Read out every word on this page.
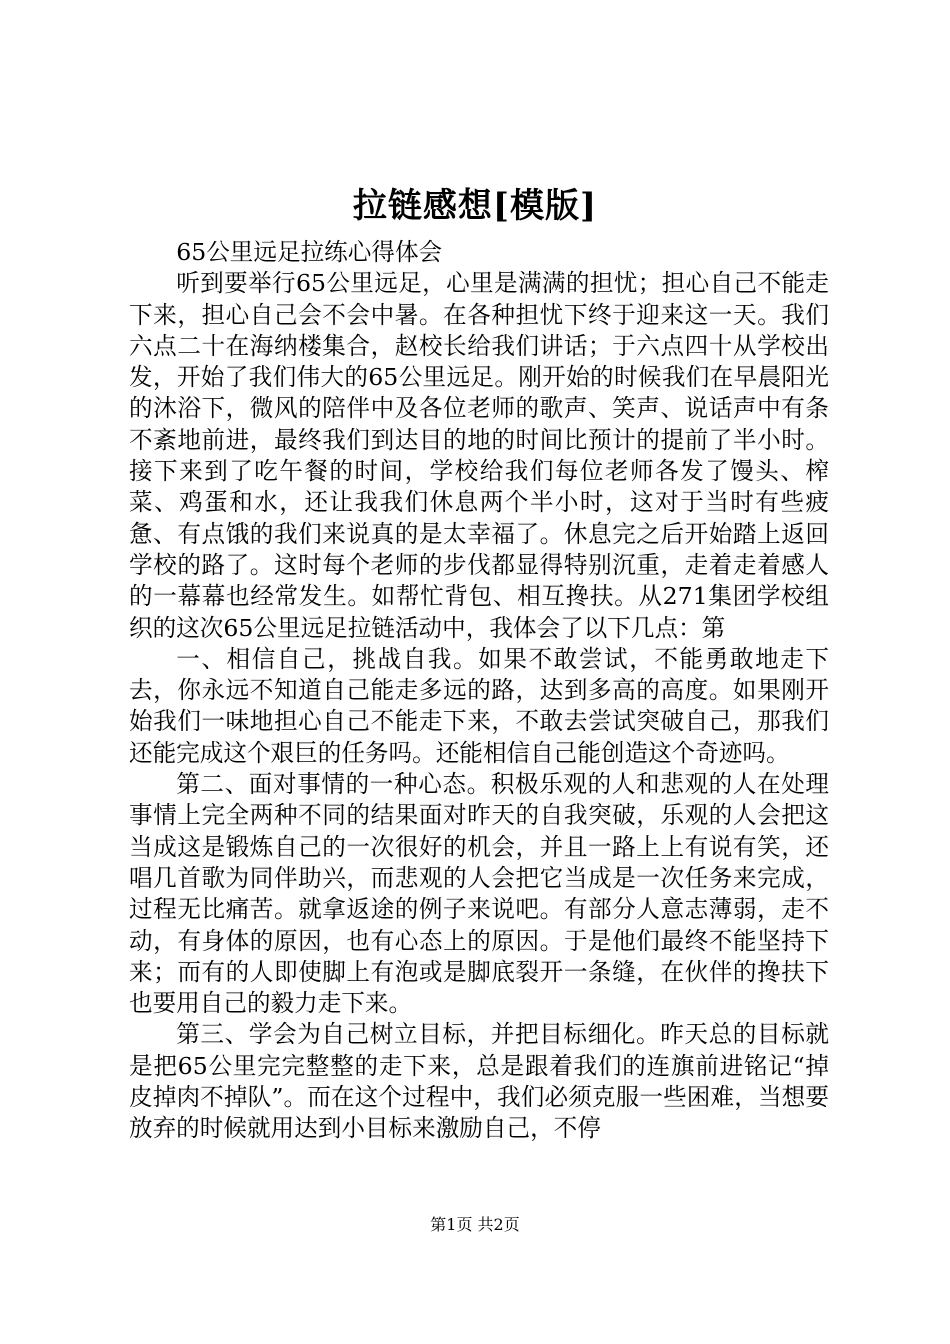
拉链感想[模版]

65公里远足拉练心得体会

听到要举行65公里远足，心里是满满的担忧；担心自己不能走下来，担心自己会不会中暑。在各种担忧下终于迎来这一天。我们六点二十在海纳楼集合，赵校长给我们讲话；于六点四十从学校出发，开始了我们伟大的65公里远足。刚开始的时候我们在早晨阳光的沐浴下，微风的陪伴中及各位老师的歌声、笑声、说话声中有条不紊地前进，最终我们到达目的地的时间比预计的提前了半小时。接下来到了吃午餐的时间，学校给我们每位老师各发了馒头、榨菜、鸡蛋和水，还让我我们休息两个半小时，这对于当时有些疲惫、有点饿的我们来说真的是太幸福了。休息完之后开始踏上返回学校的路了。这时每个老师的步伐都显得特别沉重，走着走着感人的一幕幕也经常发生。如帮忙背包、相互搀扶。从271集团学校组织的这次65公里远足拉链活动中，我体会了以下几点：第

一、相信自己，挑战自我。如果不敢尝试，不能勇敢地走下去，你永远不知道自己能走多远的路，达到多高的高度。如果刚开始我们一味地担心自己不能走下来，不敢去尝试突破自己，那我们还能完成这个艰巨的任务吗。还能相信自己能创造这个奇迹吗。

第二、面对事情的一种心态。积极乐观的人和悲观的人在处理事情上完全两种不同的结果面对昨天的自我突破，乐观的人会把这当成这是锻炼自己的一次很好的机会，并且一路上上有说有笑，还唱几首歌为同伴助兴，而悲观的人会把它当成是一次任务来完成，过程无比痛苦。就拿返途的例子来说吧。有部分人意志薄弱，走不动，有身体的原因，也有心态上的原因。于是他们最终不能坚持下来；而有的人即使脚上有泡或是脚底裂开一条缝，在伙伴的搀扶下也要用自己的毅力走下来。

第三、学会为自己树立目标，并把目标细化。昨天总的目标就是把65公里完完整整的走下来，总是跟着我们的连旗前进铭记“掉皮掉肉不掉队”。而在这个过程中，我们必须克服一些困难，当想要放弃的时候就用达到小目标来激励自己，不停

第1页 共2页
